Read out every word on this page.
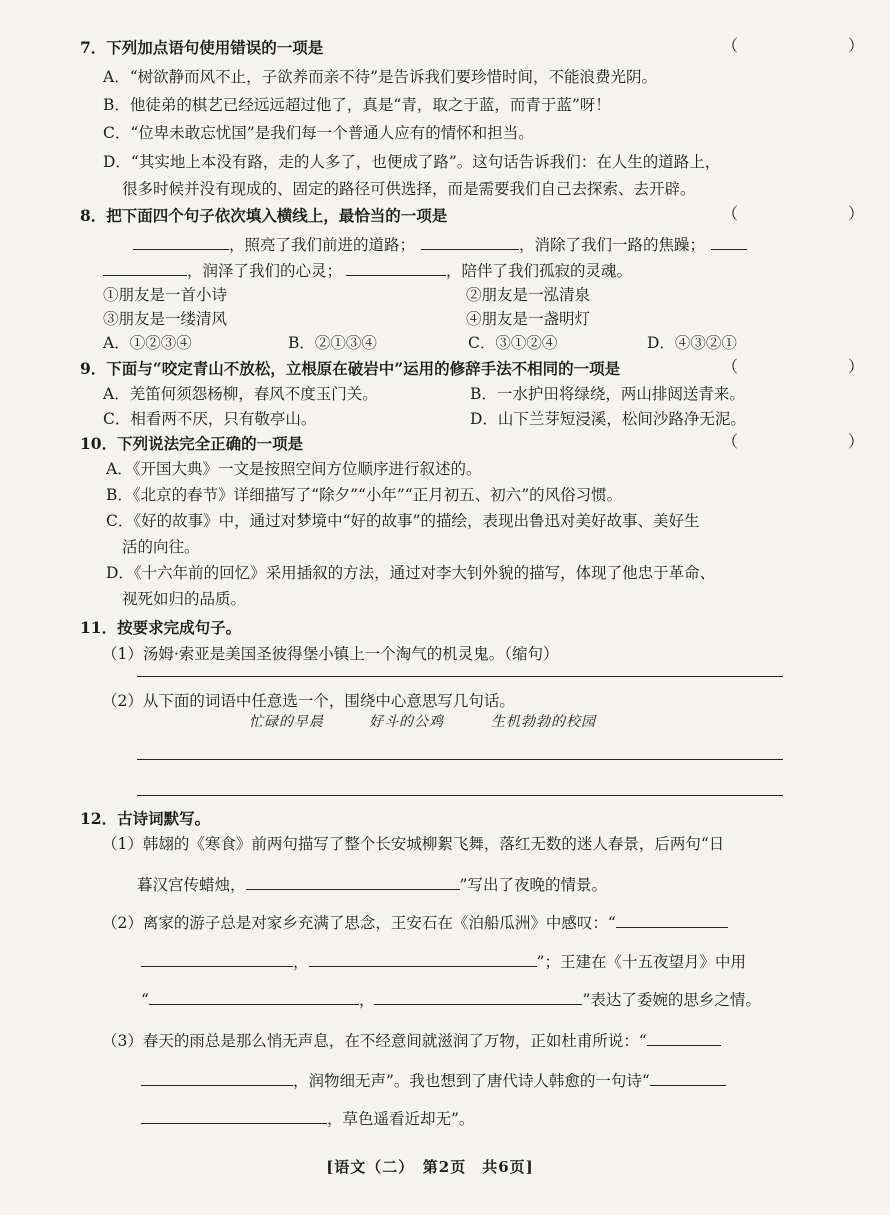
7．下列加点语句使用错误的一项是	（　　）
A．“树欲静而风不止，子欲养而亲不待”是告诉我们要珍惜时间，不能浪费光阴。
B．他徒弟的棋艺已经远远超过他了，真是“青，取之于蓝，而青于蓝”呀！
C．“位卑未敢忘忧国”是我们每一个普通人应有的情怀和担当。
D．“其实地上本没有路，走的人多了，也便成了路”。这句话告诉我们：在人生的道路上，
很多时候并没有现成的、固定的路径可供选择，而是需要我们自己去探索、去开辟。
8．把下面四个句子依次填入横线上，最恰当的一项是	（　　）
，照亮了我们前进的道路；	，消除了我们一路的焦躁；
，润泽了我们的心灵；	，陪伴了我们孤寂的灵魂。
①朋友是一首小诗	②朋友是一泓清泉
③朋友是一缕清风	④朋友是一盏明灯
A．①②③④	B．②①③④	C．③①②④	D．④③②①
9．下面与“咬定青山不放松，立根原在破岩中”运用的修辞手法不相同的一项是	（　　）
A．羌笛何须怨杨柳，春风不度玉门关。	B．一水护田将绿绕，两山排闼送青来。
C．相看两不厌，只有敬亭山。	D．山下兰芽短浸溪，松间沙路净无泥。
10．下列说法完全正确的一项是	（　　）
A．《开国大典》一文是按照空间方位顺序进行叙述的。
B．《北京的春节》详细描写了“除夕”“小年”“正月初五、初六”的风俗习惯。
C．《好的故事》中，通过对梦境中“好的故事”的描绘，表现出鲁迅对美好故事、美好生
活的向往。
D．《十六年前的回忆》采用插叙的方法，通过对李大钊外貌的描写，体现了他忠于革命、
视死如归的品质。
11．按要求完成句子。
（1）汤姆·索亚是美国圣彼得堡小镇上一个淘气的机灵鬼。（缩句）
（2）从下面的词语中任意选一个，围绕中心意思写几句话。
忙碌的早晨	好斗的公鸡	生机勃勃的校园
12．古诗词默写。
（1）韩翃的《寒食》前两句描写了整个长安城柳絮飞舞，落红无数的迷人春景，后两句“日
暮汉宫传蜡烛，	”写出了夜晚的情景。
（2）离家的游子总是对家乡充满了思念，王安石在《泊船瓜洲》中感叹：“
，	”；王建在《十五夜望月》中用
“	，	”表达了委婉的思乡之情。
（3）春天的雨总是那么悄无声息，在不经意间就滋润了万物，正如杜甫所说：“
，润物细无声”。我也想到了唐代诗人韩愈的一句诗“
，草色遥看近却无”。
[语文（二）　第2页　共6页]
